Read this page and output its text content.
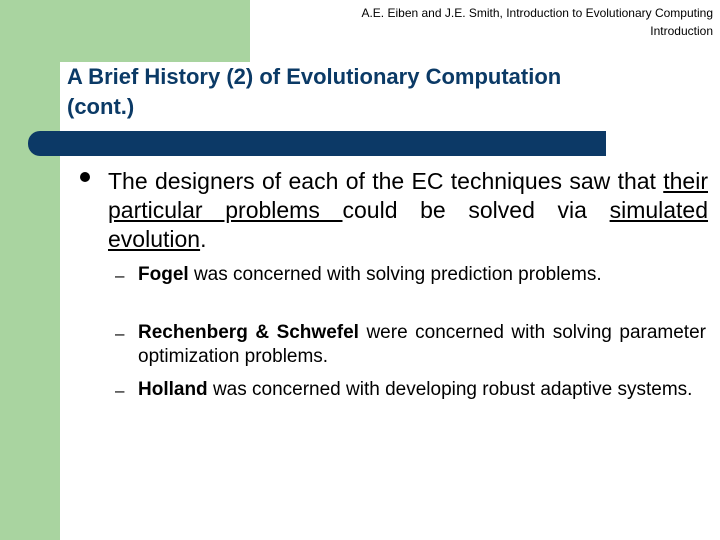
A.E. Eiben and J.E. Smith, Introduction to Evolutionary Computing
Introduction
A Brief History (2) of Evolutionary Computation
(cont.)
The designers of each of the EC techniques saw that their particular problems could be solved via simulated evolution.
– Fogel was concerned with solving prediction problems.
– Rechenberg & Schwefel were concerned with solving parameter optimization problems.
– Holland was concerned with developing robust adaptive systems.
